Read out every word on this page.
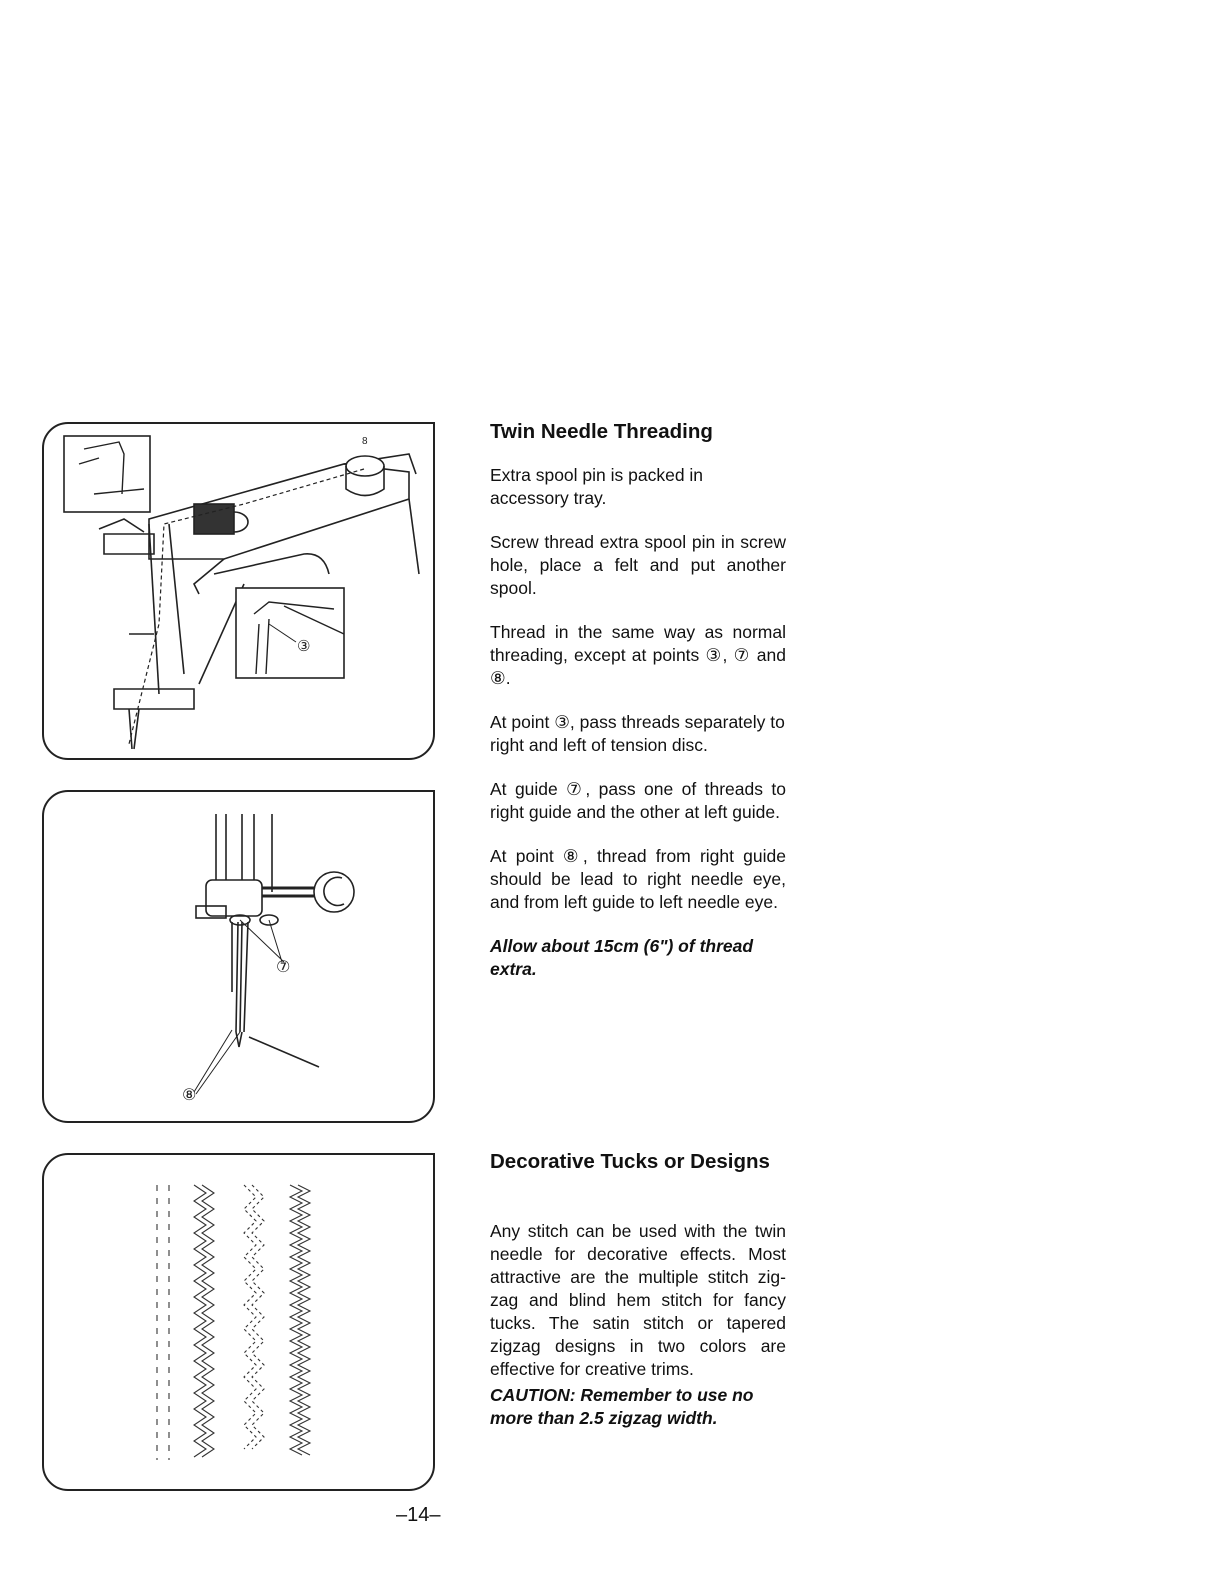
8
③
⑦
⑧
Twin Needle Threading

Extra spool pin is packed in accessory tray.

Screw thread extra spool pin in screw hole, place a felt and put another spool.

Thread in the same way as normal threading, except at points ③, ⑦ and ⑧.

At point ③, pass threads separately to right and left of tension disc.

At guide ⑦, pass one of threads to right guide and the other at left guide.

At point ⑧, thread from right guide should be lead to right needle eye, and from left guide to left needle eye.

Allow about 15cm (6") of thread extra.

Decorative Tucks or Designs

Any stitch can be used with the twin needle for decorative effects. Most attractive are the multiple stitch zig-zag and blind hem stitch for fancy tucks. The satin stitch or tapered zigzag designs in two colors are effective for creative trims.

CAUTION: Remember to use no more than 2.5 zigzag width.

–14–
